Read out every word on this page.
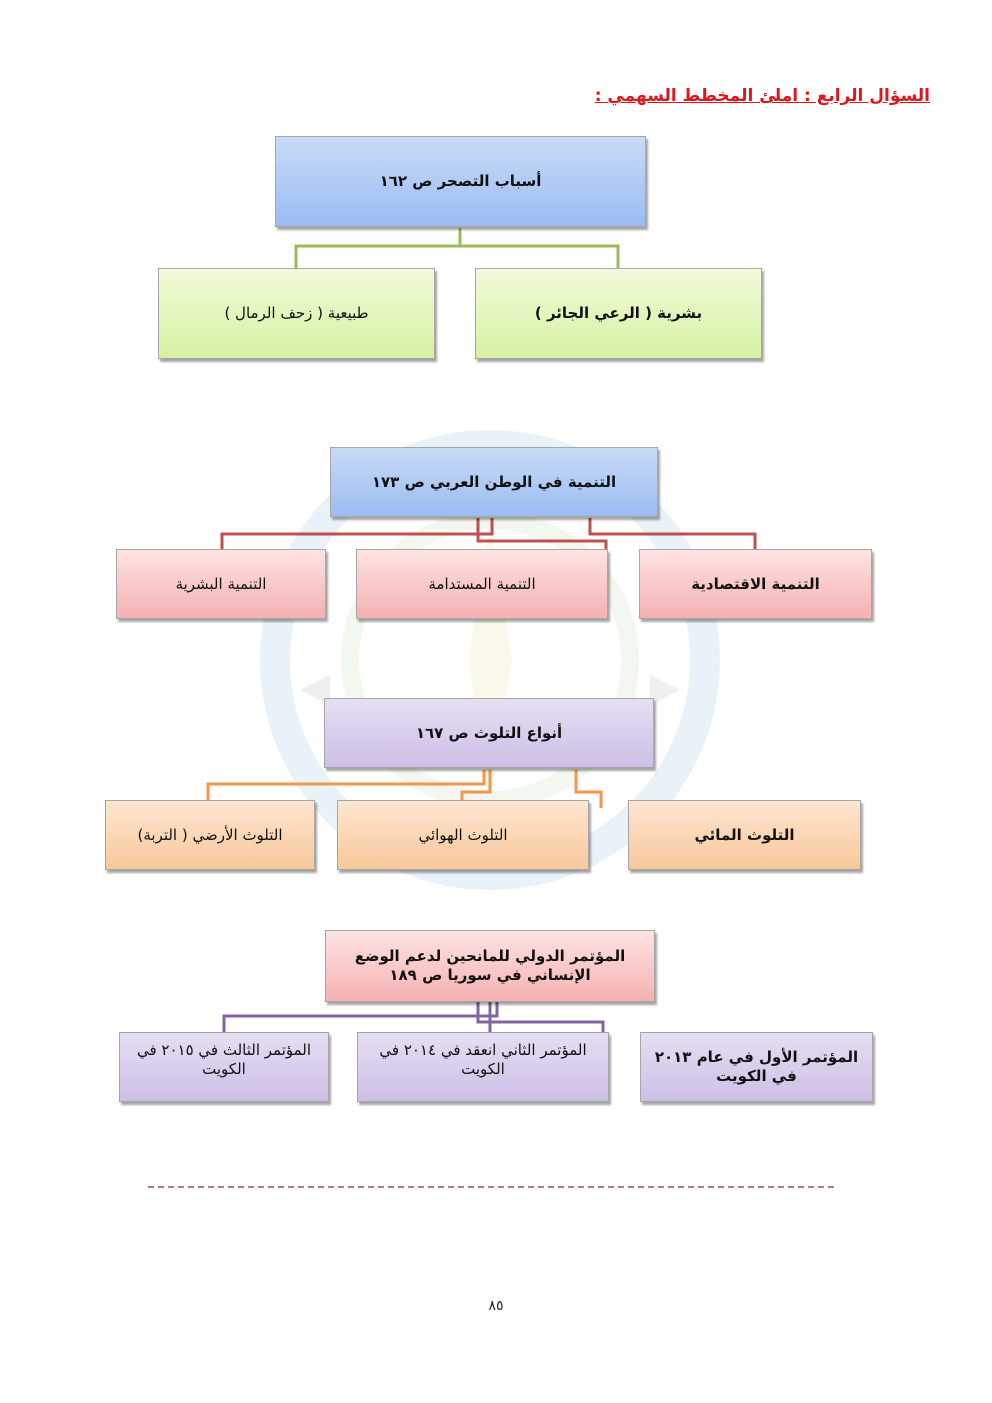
السؤال الرابع : املئ المخطط السهمي :
أسباب التصحر ص ١٦٢
بشرية ( الرعي الجائر )
طبيعية ( زحف الرمال )
التنمية في الوطن العربي ص ١٧٣
التنمية الاقتصادية
التنمية المستدامة
التنمية البشرية
أنواع التلوث ص ١٦٧
التلوث المائي
التلوث الهوائي
التلوث الأرضي ( التربة)
المؤتمر الدولي للمانحين لدعم الوضع الإنساني في سوريا ص ١٨٩
المؤتمر الأول في عام ٢٠١٣ في الكويت
المؤتمر الثاني انعقد في ٢٠١٤ في الكويت
المؤتمر الثالث في ٢٠١٥ في الكويت
٨٥
